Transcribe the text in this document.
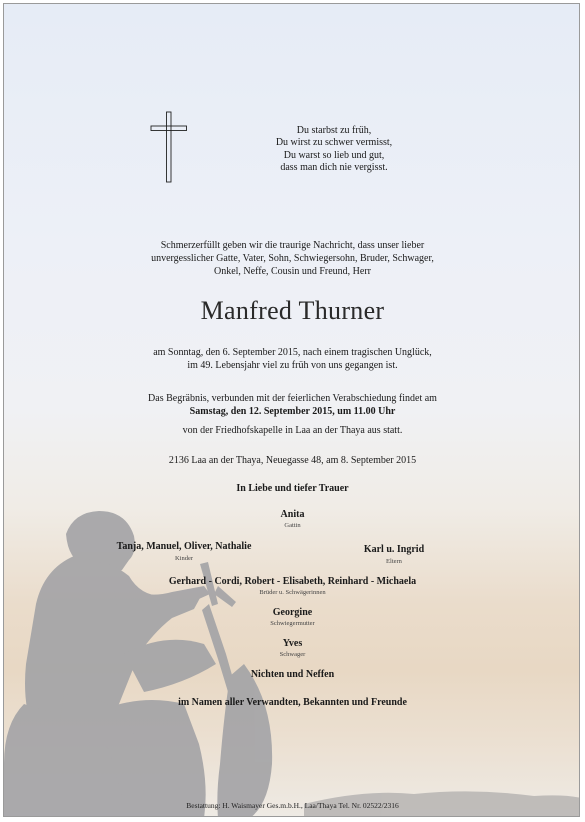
Du starbst zu früh,
Du wirst zu schwer vermisst,
Du warst so lieb und gut,
dass man dich nie vergisst.
Schmerzerfüllt geben wir die traurige Nachricht, dass unser lieber
unvergesslicher Gatte, Vater, Sohn, Schwiegersohn, Bruder, Schwager,
Onkel, Neffe, Cousin und Freund, Herr
Manfred Thurner
am Sonntag, den 6. September 2015, nach einem tragischen Unglück,
im 49. Lebensjahr viel zu früh von uns gegangen ist.
Das Begräbnis, verbunden mit der feierlichen Verabschiedung findet am
Samstag, den 12. September 2015, um 11.00 Uhr
von der Friedhofskapelle in Laa an der Thaya aus statt.
2136 Laa an der Thaya, Neuegasse 48, am 8. September 2015
In Liebe und tiefer Trauer
Anita
Gattin
Tanja, Manuel, Oliver, Nathalie
Kinder
Karl u. Ingrid
Eltern
Gerhard - Cordi, Robert - Elisabeth, Reinhard - Michaela
Brüder u. Schwägerinnen
Georgine
Schwiegermutter
Yves
Schwager
Nichten und Neffen
im Namen aller Verwandten, Bekannten und Freunde
Bestattung: H. Waismayer Ges.m.b.H., Laa/Thaya Tel. Nr. 02522/2316
